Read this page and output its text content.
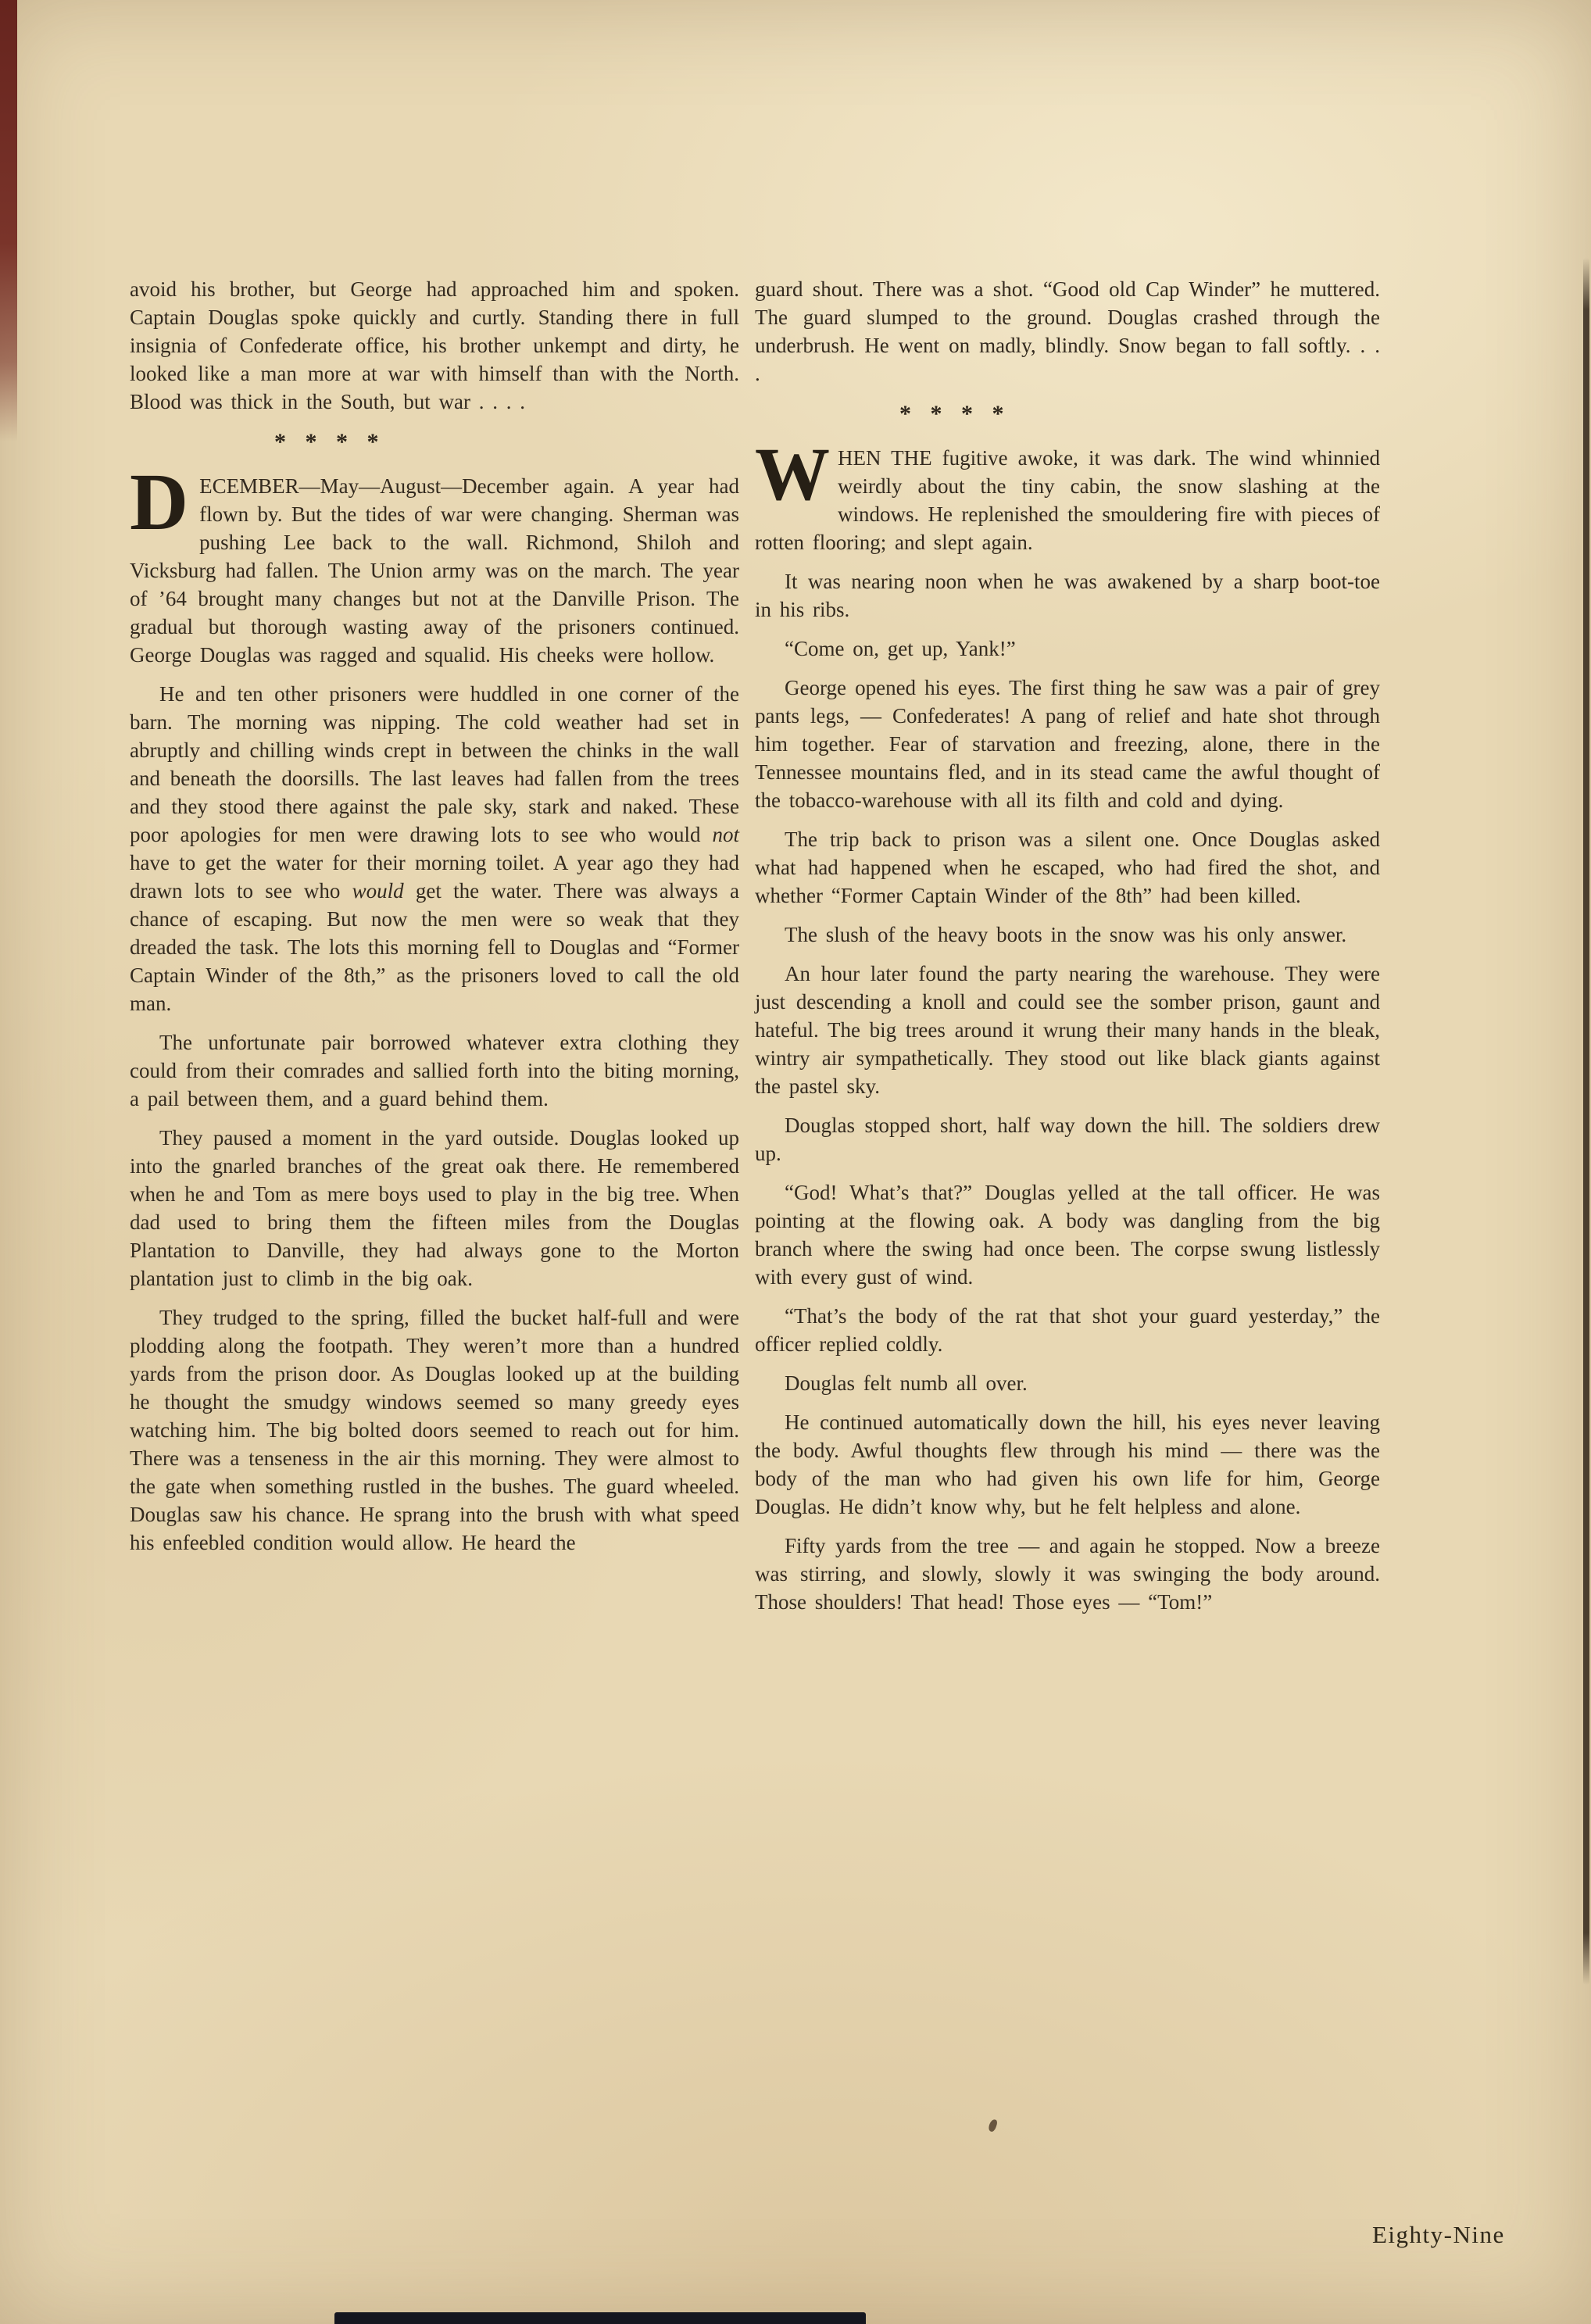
avoid his brother, but George had approached him and spoken. Captain Douglas spoke quickly and curtly. Standing there in full insignia of Confederate office, his brother unkempt and dirty, he looked like a man more at war with himself than with the North. Blood was thick in the South, but war . . . .

* * * *

DECEMBER—May—August—December again. A year had flown by. But the tides of war were changing. Sherman was pushing Lee back to the wall. Richmond, Shiloh and Vicksburg had fallen. The Union army was on the march. The year of ’64 brought many changes but not at the Danville Prison. The gradual but thorough wasting away of the prisoners continued. George Douglas was ragged and squalid. His cheeks were hollow.

He and ten other prisoners were huddled in one corner of the barn. The morning was nipping. The cold weather had set in abruptly and chilling winds crept in between the chinks in the wall and beneath the doorsills. The last leaves had fallen from the trees and they stood there against the pale sky, stark and naked. These poor apologies for men were drawing lots to see who would not have to get the water for their morning toilet. A year ago they had drawn lots to see who would get the water. There was always a chance of escaping. But now the men were so weak that they dreaded the task. The lots this morning fell to Douglas and “Former Captain Winder of the 8th,” as the prisoners loved to call the old man.

The unfortunate pair borrowed whatever extra clothing they could from their comrades and sallied forth into the biting morning, a pail between them, and a guard behind them.

They paused a moment in the yard outside. Douglas looked up into the gnarled branches of the great oak there. He remembered when he and Tom as mere boys used to play in the big tree. When dad used to bring them the fifteen miles from the Douglas Plantation to Danville, they had always gone to the Morton plantation just to climb in the big oak.

They trudged to the spring, filled the bucket half-full and were plodding along the footpath. They weren’t more than a hundred yards from the prison door. As Douglas looked up at the building he thought the smudgy windows seemed so many greedy eyes watching him. The big bolted doors seemed to reach out for him. There was a tenseness in the air this morning. They were almost to the gate when something rustled in the bushes. The guard wheeled. Douglas saw his chance. He sprang into the brush with what speed his enfeebled condition would allow. He heard the

guard shout. There was a shot. “Good old Cap Winder” he muttered. The guard slumped to the ground. Douglas crashed through the underbrush. He went on madly, blindly. Snow began to fall softly. . . .

* * * *

WHEN THE fugitive awoke, it was dark. The wind whinnied weirdly about the tiny cabin, the snow slashing at the windows. He replenished the smouldering fire with pieces of rotten flooring; and slept again.

It was nearing noon when he was awakened by a sharp boot-toe in his ribs.

“Come on, get up, Yank!”

George opened his eyes. The first thing he saw was a pair of grey pants legs, — Confederates! A pang of relief and hate shot through him together. Fear of starvation and freezing, alone, there in the Tennessee mountains fled, and in its stead came the awful thought of the tobacco-warehouse with all its filth and cold and dying.

The trip back to prison was a silent one. Once Douglas asked what had happened when he escaped, who had fired the shot, and whether “Former Captain Winder of the 8th” had been killed.

The slush of the heavy boots in the snow was his only answer.

An hour later found the party nearing the warehouse. They were just descending a knoll and could see the somber prison, gaunt and hateful. The big trees around it wrung their many hands in the bleak, wintry air sympathetically. They stood out like black giants against the pastel sky.

Douglas stopped short, half way down the hill. The soldiers drew up.

“God! What’s that?” Douglas yelled at the tall officer. He was pointing at the flowing oak. A body was dangling from the big branch where the swing had once been. The corpse swung listlessly with every gust of wind.

“That’s the body of the rat that shot your guard yesterday,” the officer replied coldly.

Douglas felt numb all over.

He continued automatically down the hill, his eyes never leaving the body. Awful thoughts flew through his mind — there was the body of the man who had given his own life for him, George Douglas. He didn’t know why, but he felt helpless and alone.

Fifty yards from the tree — and again he stopped. Now a breeze was stirring, and slowly, slowly it was swinging the body around. Those shoulders! That head! Those eyes — “Tom!”

Eighty-Nine
